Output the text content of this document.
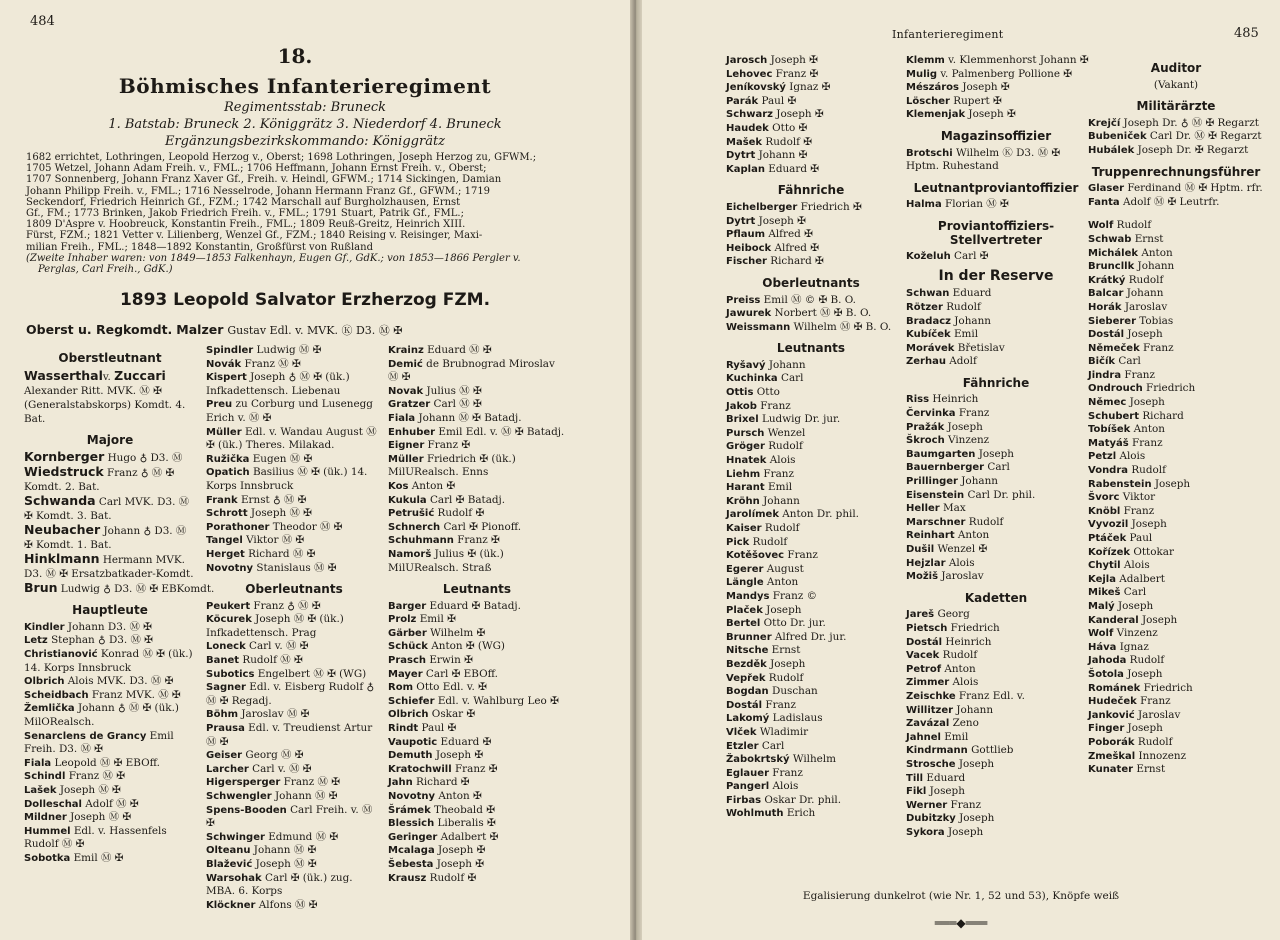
484
18.
Böhmisches Infanterieregiment
Regimentsstab: Bruneck
1. Batstab: Bruneck 2. Königgrätz 3. Niederdorf 4. Bruneck
Ergänzungsbezirkskommando: Königgrätz
1682 errichtet, Lothringen, Leopold Herzog v., Oberst; 1698 Lothringen, Joseph Herzog zu, GFWM.;
1705 Wetzel, Johann Adam Freih. v., FML.; 1706 Heffmann, Johann Ernst Freih. v., Oberst;
1707 Sonnenberg, Johann Franz Xaver Gf., Freih. v. Heindl, GFWM.; 1714 Sickingen, Damian
Johann Philipp Freih. v., FML.; 1716 Nesselrode, Johann Hermann Franz Gf., GFWM.; 1719
Seckendorf, Friedrich Heinrich Gf., FZM.; 1742 Marschall auf Burgholzhausen, Ernst
Gf., FM.; 1773 Brinken, Jakob Friedrich Freih. v., FML.; 1791 Stuart, Patrik Gf., FML.;
1809 D'Aspre v. Hoobreuck, Konstantin Freih., FML.; 1809 Reuß-Greitz, Heinrich XIII.
Fürst, FZM.; 1821 Vetter v. Lilienberg, Wenzel Gf., FZM.; 1840 Reising v. Reisinger, Maxi-
milian Freih., FML.; 1848—1892 Konstantin, Großfürst von Rußland
(Zweite Inhaber waren: von 1849—1853 Falkenhayn, Eugen Gf., GdK.; von 1853—1866 Pergler v.
Perglas, Carl Freih., GdK.)
1893 Leopold Salvator Erzherzog FZM.
Oberst u. Regkomdt. Malzer Gustav Edl. v. MVK. Ⓚ D3. Ⓜ ✠
Oberstleutnant
Wasserthalv. Zuccari Alexander Ritt. MVK. Ⓜ ✠ (Generalstabskorps) Komdt. 4. Bat.
Majore
Kornberger Hugo ♁ D3. Ⓜ
Wiedstruck Franz ♁ Ⓜ ✠ Komdt. 2. Bat.
Schwanda Carl MVK. D3. Ⓜ ✠ Komdt. 3. Bat.
Neubacher Johann ♁ D3. Ⓜ ✠ Komdt. 1. Bat.
Hinklmann Hermann MVK. D3. Ⓜ ✠ Ersatzbatkader-Komdt.
Brun Ludwig ♁ D3. Ⓜ ✠ EBKomdt.
Hauptleute
Kindler Johann D3. Ⓜ ✠
Letz Stephan ♁ D3. Ⓜ ✠
Christianović Konrad Ⓜ ✠ (ük.) 14. Korps Innsbruck
Olbrich Alois MVK. D3. Ⓜ ✠
Scheidbach Franz MVK. Ⓜ ✠
Žemlička Johann ♁ Ⓜ ✠ (ük.) MilORealsch.
Senarclens de Grancy Emil Freih. D3. Ⓜ ✠
Fiala Leopold Ⓜ ✠ EBOff.
Schindl Franz Ⓜ ✠
Lašek Joseph Ⓜ ✠
Dolleschal Adolf Ⓜ ✠
Mildner Joseph Ⓜ ✠
Hummel Edl. v. Hassenfels Rudolf Ⓜ ✠
Sobotka Emil Ⓜ ✠
Spindler Ludwig Ⓜ ✠
Novák Franz Ⓜ ✠
Kispert Joseph ♁ Ⓜ ✠ (ük.) Infkadettensch. Liebenau
Preu zu Corburg und Lusenegg Erich v. Ⓜ ✠
Müller Edl. v. Wandau August Ⓜ ✠ (ük.) Theres. Milakad.
Ružička Eugen Ⓜ ✠
Opatich Basilius Ⓜ ✠ (ük.) 14. Korps Innsbruck
Frank Ernst ♁ Ⓜ ✠
Schrott Joseph Ⓜ ✠
Porathoner Theodor Ⓜ ✠
Tangel Viktor Ⓜ ✠
Herget Richard Ⓜ ✠
Novotny Stanislaus Ⓜ ✠
Oberleutnants
Peukert Franz ♁ Ⓜ ✠
Köcurek Joseph Ⓜ ✠ (ük.) Infkadettensch. Prag
Loneck Carl v. Ⓜ ✠
Banet Rudolf Ⓜ ✠
Subotics Engelbert Ⓜ ✠ (WG)
Sagner Edl. v. Eisberg Rudolf ♁ Ⓜ ✠ Regadj.
Böhm Jaroslav Ⓜ ✠
Prausa Edl. v. Treudienst Artur Ⓜ ✠
Geiser Georg Ⓜ ✠
Larcher Carl v. Ⓜ ✠
Higersperger Franz Ⓜ ✠
Schwengler Johann Ⓜ ✠
Spens-Booden Carl Freih. v. Ⓜ ✠
Schwinger Edmund Ⓜ ✠
Olteanu Johann Ⓜ ✠
Blažević Joseph Ⓜ ✠
Warsohak Carl ✠ (ük.) zug. MBA. 6. Korps
Klöckner Alfons Ⓜ ✠
Krainz Eduard Ⓜ ✠
Demić de Brubnograd Miroslav Ⓜ ✠
Novak Julius Ⓜ ✠
Gratzer Carl Ⓜ ✠
Fiala Johann Ⓜ ✠ Batadj.
Enhuber Emil Edl. v. Ⓜ ✠ Batadj.
Eigner Franz ✠
Müller Friedrich ✠ (ük.) MilURealsch. Enns
Kos Anton ✠
Kukula Carl ✠ Batadj.
Petrušić Rudolf ✠
Schnerch Carl ✠ Pionoff.
Schuhmann Franz ✠
Namorš Julius ✠ (ük.) MilURealsch. Straß
Leutnants
Barger Eduard ✠ Batadj.
Prolz Emil ✠
Gärber Wilhelm ✠
Schück Anton ✠ (WG)
Prasch Erwin ✠
Mayer Carl ✠ EBOff.
Rom Otto Edl. v. ✠
Schiefer Edl. v. Wahlburg Leo ✠
Olbrich Oskar ✠
Rindt Paul ✠
Vaupotic Eduard ✠
Demuth Joseph ✠
Kratochwill Franz ✠
Jahn Richard ✠
Novotny Anton ✠
Šrámek Theobald ✠
Blessich Liberalis ✠
Geringer Adalbert ✠
Mcalaga Joseph ✠
Šebesta Joseph ✠
Krausz Rudolf ✠
Infanterieregiment	485
Jarosch Joseph ✠
Lehovec Franz ✠
Jeníkovský Ignaz ✠
Parák Paul ✠
Schwarz Joseph ✠
Haudek Otto ✠
Mašek Rudolf ✠
Dytrt Johann ✠
Kaplan Eduard ✠
Fähnriche
Eichelberger Friedrich ✠
Dytrt Joseph ✠
Pflaum Alfred ✠
Heibock Alfred ✠
Fischer Richard ✠
Oberleutnants
Preiss Emil Ⓜ © ✠ B. O.
Jawurek Norbert Ⓜ ✠ B. O.
Weissmann Wilhelm Ⓜ ✠ B. O.
Leutnants
Ryšavý Johann
Kuchinka Carl
Ottis Otto
Jakob Franz
Brixel Ludwig Dr. jur.
Pursch Wenzel
Gröger Rudolf
Hnatek Alois
Liehm Franz
Harant Emil
Kröhn Johann
Jarolímek Anton Dr. phil.
Kaiser Rudolf
Pick Rudolf
Kotěšovec Franz
Egerer August
Längle Anton
Mandys Franz ©
Plaček Joseph
Bertel Otto Dr. jur.
Brunner Alfred Dr. jur.
Nitsche Ernst
Bezděk Joseph
Vepřek Rudolf
Bogdan Duschan
Dostál Franz
Lakomý Ladislaus
Vlček Wladimir
Etzler Carl
Žabokrtský Wilhelm
Eglauer Franz
Pangerl Alois
Firbas Oskar Dr. phil.
Wohlmuth Erich
Klemm v. Klemmenhorst Johann ✠
Mulig v. Palmenberg Pollione ✠
Mészáros Joseph ✠
Löscher Rupert ✠
Klemenjak Joseph ✠
Magazinsoffizier
Brotschi Wilhelm Ⓚ D3. Ⓜ ✠ Hptm. Ruhestand
Leutnantproviantoffizier
Halma Florian Ⓜ ✠
Proviantoffiziers-Stellvertreter
Koželuh Carl ✠
In der Reserve
Schwan Eduard
Rötzer Rudolf
Bradacz Johann
Kubíček Emil
Morávek Břetislav
Zerhau Adolf
Fähnriche
Riss Heinrich
Červinka Franz
Pražák Joseph
Škroch Vinzenz
Baumgarten Joseph
Bauernberger Carl
Prillinger Johann
Eisenstein Carl Dr. phil.
Heller Max
Marschner Rudolf
Reinhart Anton
Dušil Wenzel ✠
Hejzlar Alois
Možiš Jaroslav
Kadetten
Jareš Georg
Pietsch Friedrich
Dostál Heinrich
Vacek Rudolf
Petrof Anton
Zimmer Alois
Zeischke Franz Edl. v.
Willitzer Johann
Zavázal Zeno
Jahnel Emil
Kindrmann Gottlieb
Strosche Joseph
Till Eduard
Fikl Joseph
Werner Franz
Dubitzky Joseph
Sykora Joseph
Auditor
(Vakant)
Militärärzte
Krejčí Joseph Dr. ♁ Ⓜ ✠ Regarzt
Bubeniček Carl Dr. Ⓜ ✠ Regarzt
Hubálek Joseph Dr. ✠ Regarzt
Truppenrechnungsführer
Glaser Ferdinand Ⓜ ✠ Hptm. rfr.
Fanta Adolf Ⓜ ✠ Leutrfr.
Wolf Rudolf
Schwab Ernst
Michálek Anton
Bruncllk Johann
Krátký Rudolf
Balcar Johann
Horák Jaroslav
Sieberer Tobias
Dostál Joseph
Němeček Franz
Bičík Carl
Jindra Franz
Ondrouch Friedrich
Němec Joseph
Schubert Richard
Tobíšek Anton
Matyáš Franz
Petzl Alois
Vondra Rudolf
Rabenstein Joseph
Švorc Viktor
Knöbl Franz
Vyvozil Joseph
Ptáček Paul
Kořízek Ottokar
Chytil Alois
Kejla Adalbert
Mikeš Carl
Malý Joseph
Kanderal Joseph
Wolf Vinzenz
Háva Ignaz
Jahoda Rudolf
Šotola Joseph
Románek Friedrich
Hudeček Franz
Janković Jaroslav
Finger Joseph
Poborák Rudolf
Zmeškal Innozenz
Kunater Ernst
Egalisierung dunkelrot (wie Nr. 1, 52 und 53), Knöpfe weiß
═══◆═══
